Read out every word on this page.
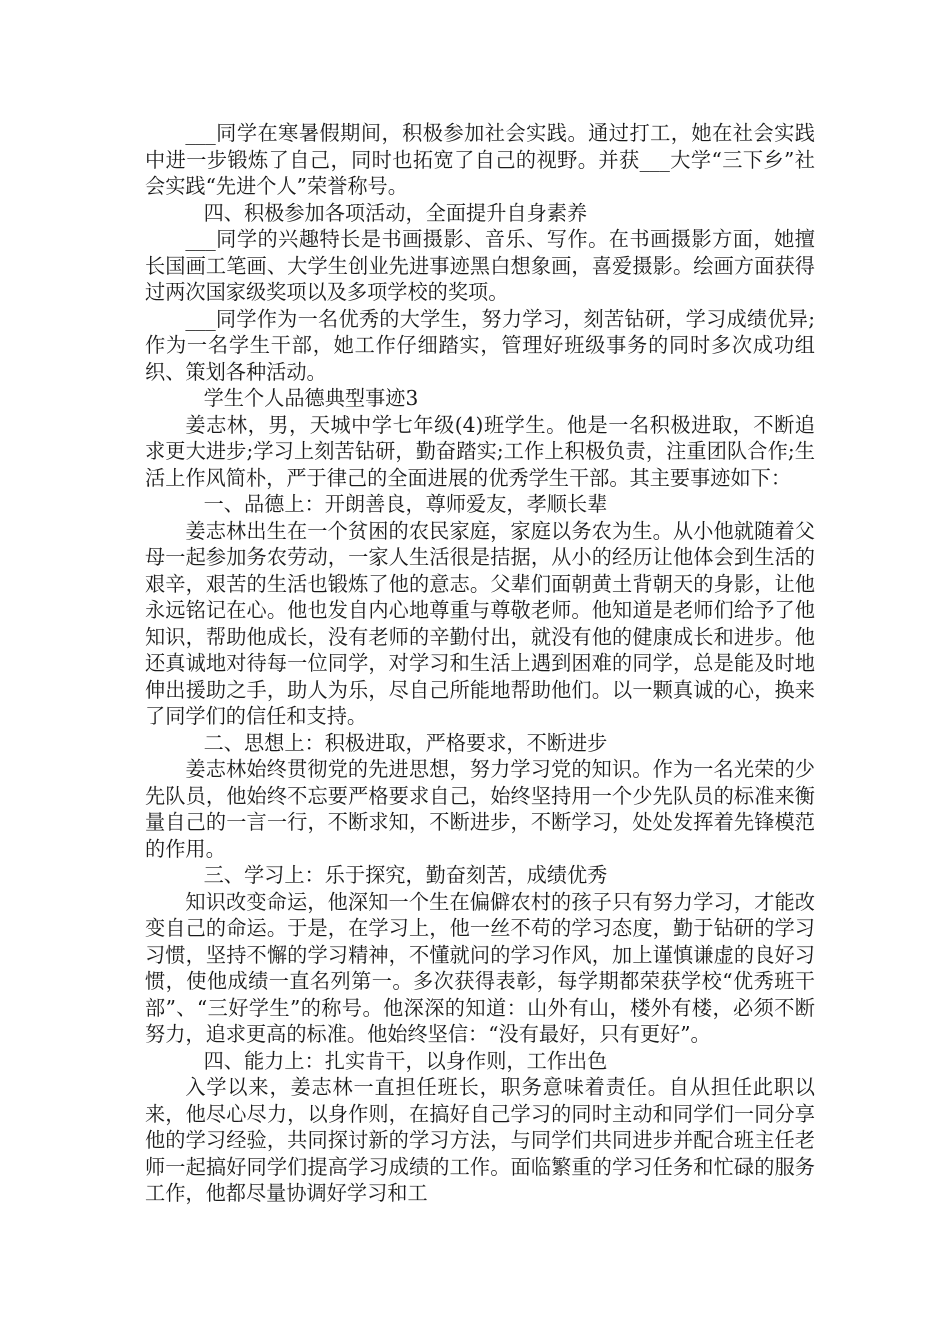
___同学在寒暑假期间，积极参加社会实践。通过打工，她在社会实践中进一步锻炼了自己，同时也拓宽了自己的视野。并获___大学“三下乡”社会实践“先进个人”荣誉称号。

四、积极参加各项活动，全面提升自身素养

___同学的兴趣特长是书画摄影、音乐、写作。在书画摄影方面，她擅长国画工笔画、大学生创业先进事迹黑白想象画，喜爱摄影。绘画方面获得过两次国家级奖项以及多项学校的奖项。

___同学作为一名优秀的大学生，努力学习，刻苦钻研，学习成绩优异;作为一名学生干部，她工作仔细踏实，管理好班级事务的同时多次成功组织、策划各种活动。

学生个人品德典型事迹3

姜志林，男，天城中学七年级(4)班学生。他是一名积极进取，不断追求更大进步;学习上刻苦钻研，勤奋踏实;工作上积极负责，注重团队合作;生活上作风简朴，严于律己的全面进展的优秀学生干部。其主要事迹如下：

一、品德上：开朗善良，尊师爱友，孝顺长辈

姜志林出生在一个贫困的农民家庭，家庭以务农为生。从小他就随着父母一起参加务农劳动，一家人生活很是拮据，从小的经历让他体会到生活的艰辛，艰苦的生活也锻炼了他的意志。父辈们面朝黄土背朝天的身影，让他永远铭记在心。他也发自内心地尊重与尊敬老师。他知道是老师们给予了他知识，帮助他成长，没有老师的辛勤付出，就没有他的健康成长和进步。他还真诚地对待每一位同学，对学习和生活上遇到困难的同学，总是能及时地伸出援助之手，助人为乐，尽自己所能地帮助他们。以一颗真诚的心，换来了同学们的信任和支持。

二、思想上：积极进取，严格要求，不断进步

姜志林始终贯彻党的先进思想，努力学习党的知识。作为一名光荣的少先队员，他始终不忘要严格要求自己，始终坚持用一个少先队员的标准来衡量自己的一言一行，不断求知，不断进步，不断学习，处处发挥着先锋模范的作用。

三、学习上：乐于探究，勤奋刻苦，成绩优秀

知识改变命运，他深知一个生在偏僻农村的孩子只有努力学习，才能改变自己的命运。于是，在学习上，他一丝不苟的学习态度，勤于钻研的学习习惯，坚持不懈的学习精神，不懂就问的学习作风，加上谨慎谦虚的良好习惯，使他成绩一直名列第一。多次获得表彰，每学期都荣获学校“优秀班干部”、“三好学生”的称号。他深深的知道：山外有山，楼外有楼，必须不断努力，追求更高的标准。他始终坚信：“没有最好，只有更好”。

四、能力上：扎实肯干，以身作则，工作出色

入学以来，姜志林一直担任班长，职务意味着责任。自从担任此职以来，他尽心尽力，以身作则，在搞好自己学习的同时主动和同学们一同分享他的学习经验，共同探讨新的学习方法，与同学们共同进步并配合班主任老师一起搞好同学们提高学习成绩的工作。面临繁重的学习任务和忙碌的服务工作，他都尽量协调好学习和工
